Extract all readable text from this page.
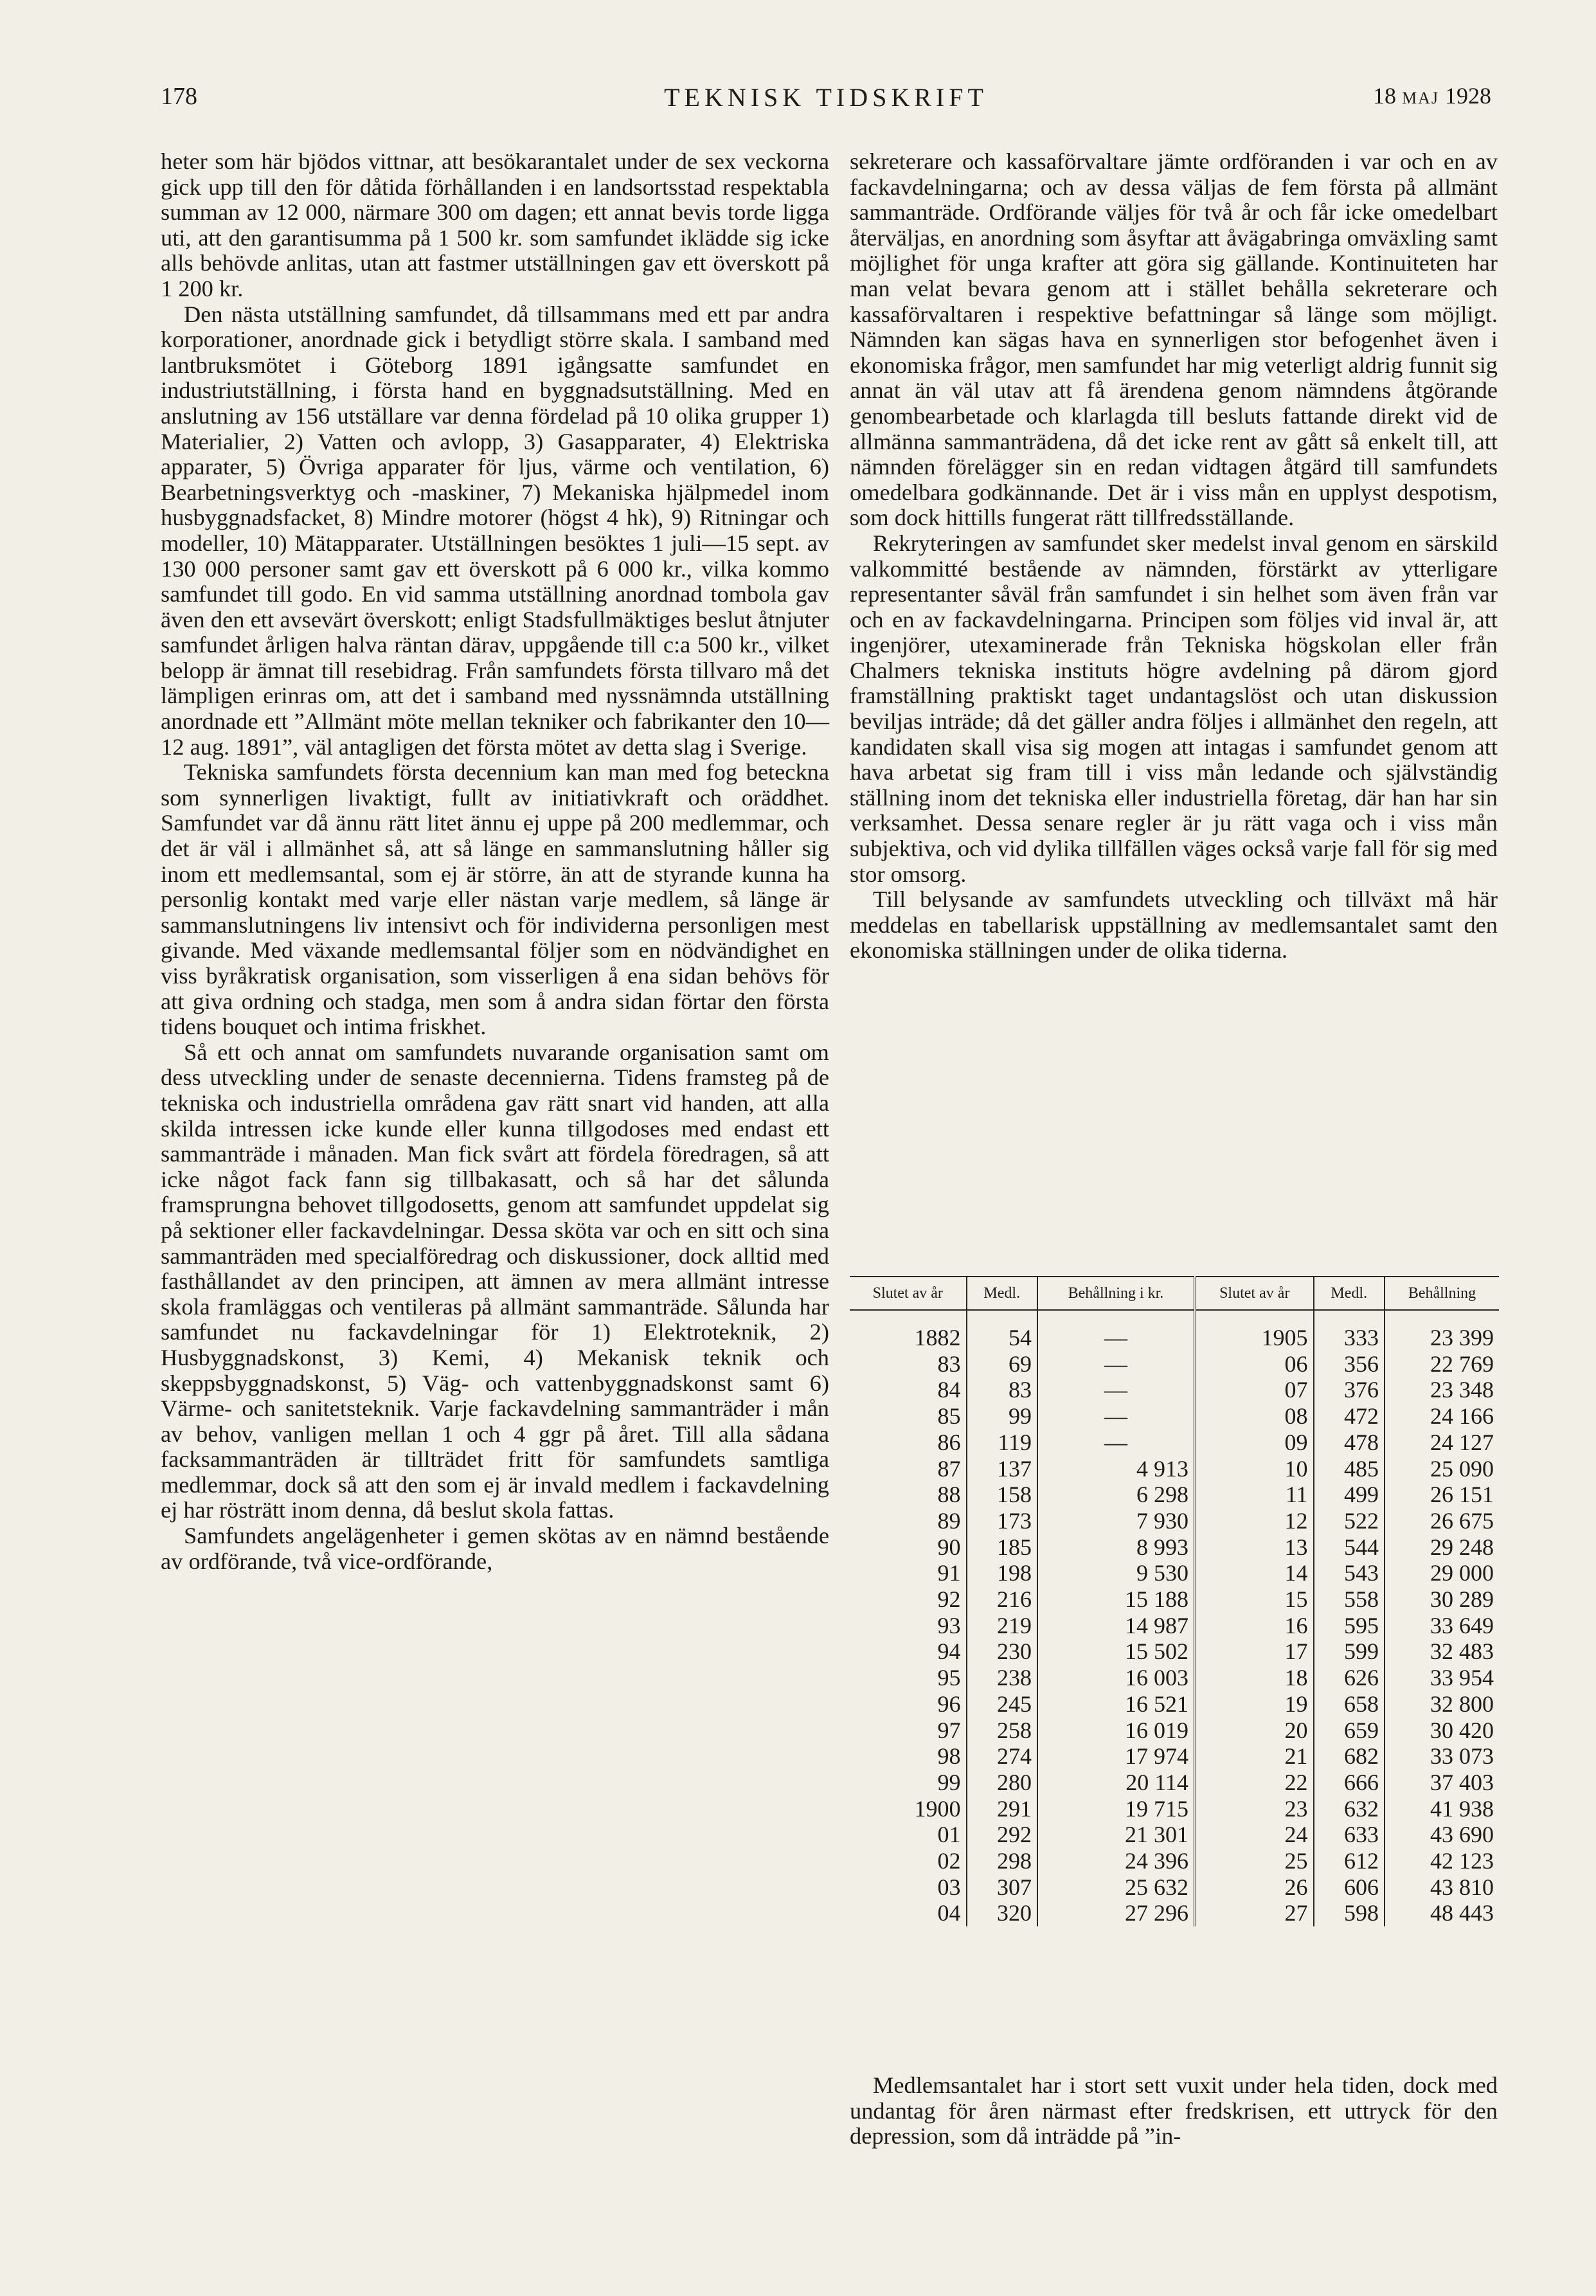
178	TEKNISK TIDSKRIFT	18 MAJ 1928

heter som här bjödos vittnar, att besökarantalet under de sex veckorna gick upp till den för dåtida förhållanden i en landsortsstad respektabla summan av 12 000, närmare 300 om dagen; ett annat bevis torde ligga uti, att den garantisumma på 1 500 kr. som samfundet ikläddе sig icke alls behövde anlitas, utan att fastmer utställningen gav ett överskott på 1 200 kr.

Den nästa utställning samfundet, då tillsammans med ett par andra korporationer, anordnade gick i betydligt större skala. I samband med lantbruksmötet i Göteborg 1891 igångsatte samfundet en industriutställning, i första hand en byggnadsutställning. Med en anslutning av 156 utställare var denna fördelad på 10 olika grupper 1) Materialier, 2) Vatten och avlopp, 3) Gasapparater, 4) Elektriska apparater, 5) Övriga apparater för ljus, värme och ventilation, 6) Bearbetningsverktyg och -maskiner, 7) Mekaniska hjälpmedel inom husbyggnadsfacket, 8) Mindre motorer (högst 4 hk), 9) Ritningar och modeller, 10) Mätapparater. Utställningen besöktes 1 juli—15 sept. av 130 000 personer samt gav ett överskott på 6 000 kr., vilka kommo samfundet till godo. En vid samma utställning anordnad tombola gav även den ett avsevärt överskott; enligt Stadsfullmäktiges beslut åtnjuter samfundet årligen halva räntan därav, uppgående till c:a 500 kr., vilket belopp är ämnat till resebidrag. Från samfundets första tillvaro må det lämpligen erinras om, att det i samband med nyssnämnda utställning anordnade ett ”Allmänt möte mellan tekniker och fabrikanter den 10—12 aug. 1891”, väl antagligen det första mötet av detta slag i Sverige.

Tekniska samfundets första decennium kan man med fog beteckna som synnerligen livaktigt, fullt av initiativkraft och oräddhet. Samfundet var då ännu rätt litet ännu ej uppe på 200 medlemmar, och det är väl i allmänhet så, att så länge en sammanslutning håller sig inom ett medlemsantal, som ej är större, än att de styrande kunna ha personlig kontakt med varje eller nästan varje medlem, så länge är sammanslutningens liv intensivt och för individerna personligen mest givande. Med växande medlemsantal följer som en nödvändighet en viss byråkratisk organisation, som visserligen å ena sidan behövs för att giva ordning och stadga, men som å andra sidan förtar den första tidens bouquet och intima friskhet.

Så ett och annat om samfundets nuvarande organisation samt om dess utveckling under de senaste decennierna. Tidens framsteg på de tekniska och industriella områdena gav rätt snart vid handen, att alla skilda intressen icke kunde eller kunna tillgodoses med endast ett sammanträde i månaden. Man fick svårt att fördela föredragen, så att icke något fack fann sig tillbakasatt, och så har det sålunda framsprungna behovet tillgodosetts, genom att samfundet uppdelat sig på sektioner eller fackavdelningar. Dessa sköta var och en sitt och sina sammanträden med specialföredrag och diskussioner, dock alltid med fasthållandet av den principen, att ämnen av mera allmänt intresse skola framläggas och ventileras på allmänt sammanträde. Sålunda har samfundet nu fackavdelningar för 1) Elektroteknik, 2) Husbyggnadskonst, 3) Kemi, 4) Mekanisk teknik och skeppsbyggnadskonst, 5) Väg- och vattenbyggnadskonst samt 6) Värme- och sanitetsteknik. Varje fackavdelning sammanträder i mån av behov, vanligen mellan 1 och 4 ggr på året. Till alla sådana facksammanträden är tillträdet fritt för samfundets samtliga medlemmar, dock så att den som ej är invald medlem i fackavdelning ej har rösträtt inom denna, då beslut skola fattas.

Samfundets angelägenheter i gemen skötas av en nämnd bestående av ordförande, två vice-ordförande,

sekreterare och kassaförvaltare jämte ordföranden i var och en av fackavdelningarna; och av dessa väljas de fem första på allmänt sammanträde. Ordförande väljes för två år och får icke omedelbart återväljas, en anordning som åsyftar att åvägabringa omväxling samt möjlighet för unga krafter att göra sig gällande. Kontinuiteten har man velat bevara genom att i stället behålla sekreterare och kassaförvaltaren i respektive befattningar så länge som möjligt. Nämnden kan sägas hava en synnerligen stor befogenhet även i ekonomiska frågor, men samfundet har mig veterligt aldrig funnit sig annat än väl utav att få ärendena genom nämndens åtgörande genombearbetade och klarlagda till besluts fattande direkt vid de allmänna sammanträdena, då det icke rent av gått så enkelt till, att nämnden förelägger sin en redan vidtagen åtgärd till samfundets omedelbara godkännande. Det är i viss mån en upplyst despotism, som dock hittills fungerat rätt tillfredsställande.

Rekryteringen av samfundet sker medelst inval genom en särskild valkommitté bestående av nämnden, förstärkt av ytterligare representanter såväl från samfundet i sin helhet som även från var och en av fackavdelningarna. Principen som följes vid inval är, att ingenjörer, utexaminerade från Tekniska högskolan eller från Chalmers tekniska instituts högre avdelning på därom gjord framställning praktiskt taget undantagslöst och utan diskussion beviljas inträde; då det gäller andra följes i allmänhet den regeln, att kandidaten skall visa sig mogen att intagas i samfundet genom att hava arbetat sig fram till i viss mån ledande och självständig ställning inom det tekniska eller industriella företag, där han har sin verksamhet. Dessa senare regler är ju rätt vaga och i viss mån subjektiva, och vid dylika tillfällen väges också varje fall för sig med stor omsorg.

Till belysande av samfundets utveckling och tillväxt må här meddelas en tabellarisk uppställning av medlemsantalet samt den ekonomiska ställningen under de olika tiderna.

Slutet av år	Medl.	Behållning i kr.	Slutet av år	Medl.	Behållning
1882	54	—	1905	333	23 399
83	69	—	06	356	22 769
84	83	—	07	376	23 348
85	99	—	08	472	24 166
86	119	—	09	478	24 127
87	137	4 913	10	485	25 090
88	158	6 298	11	499	26 151
89	173	7 930	12	522	26 675
90	185	8 993	13	544	29 248
91	198	9 530	14	543	29 000
92	216	15 188	15	558	30 289
93	219	14 987	16	595	33 649
94	230	15 502	17	599	32 483
95	238	16 003	18	626	33 954
96	245	16 521	19	658	32 800
97	258	16 019	20	659	30 420
98	274	17 974	21	682	33 073
99	280	20 114	22	666	37 403
1900	291	19 715	23	632	41 938
01	292	21 301	24	633	43 690
02	298	24 396	25	612	42 123
03	307	25 632	26	606	43 810
04	320	27 296	27	598	48 443

Medlemsantalet har i stort sett vuxit under hela tiden, dock med undantag för åren närmast efter fredskrisen, ett uttryck för den depression, som då inträdde på ”in-
